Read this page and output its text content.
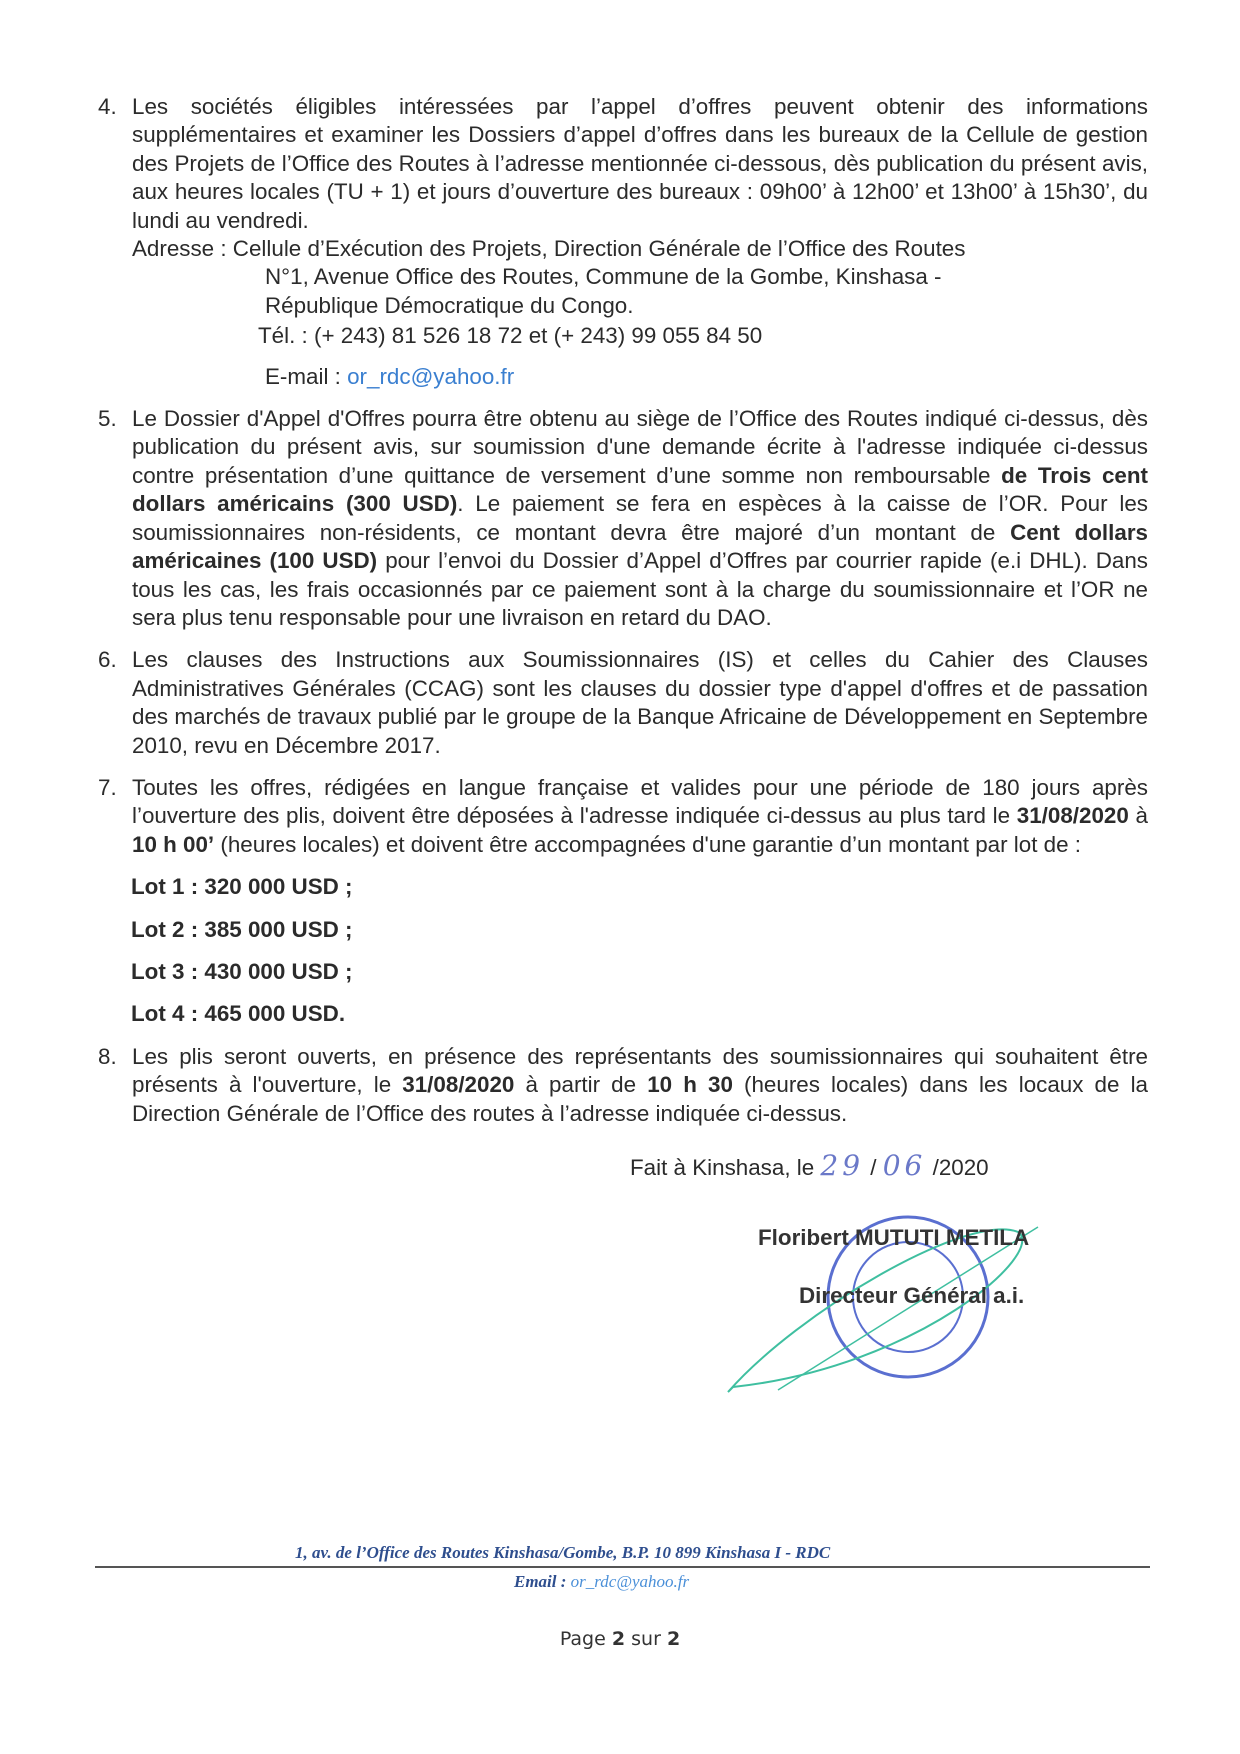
4. Les sociétés éligibles intéressées par l’appel d’offres peuvent obtenir des informations supplémentaires et examiner les Dossiers d’appel d’offres dans les bureaux de la Cellule de gestion des Projets de l’Office des Routes à l’adresse mentionnée ci-dessous, dès publication du présent avis, aux heures locales (TU + 1) et jours d’ouverture des bureaux : 09h00’ à 12h00’ et 13h00’ à 15h30’, du lundi au vendredi.
Adresse : Cellule d’Exécution des Projets, Direction Générale de l’Office des Routes
N°1, Avenue Office des Routes, Commune de la Gombe, Kinshasa -
République Démocratique du Congo.
Tél. : (+ 243) 81 526 18 72 et (+ 243) 99 055 84 50
E-mail : or_rdc@yahoo.fr
5. Le Dossier d'Appel d'Offres pourra être obtenu au siège de l’Office des Routes indiqué ci-dessus, dès publication du présent avis, sur soumission d'une demande écrite à l'adresse indiquée ci-dessus contre présentation d’une quittance de versement d’une somme non remboursable de Trois cent dollars américains (300 USD). Le paiement se fera en espèces à la caisse de l’OR. Pour les soumissionnaires non-résidents, ce montant devra être majoré d’un montant de Cent dollars américaines (100 USD) pour l’envoi du Dossier d’Appel d’Offres par courrier rapide (e.i DHL). Dans tous les cas, les frais occasionnés par ce paiement sont à la charge du soumissionnaire et l’OR ne sera plus tenu responsable pour une livraison en retard du DAO.
6. Les clauses des Instructions aux Soumissionnaires (IS) et celles du Cahier des Clauses Administratives Générales (CCAG) sont les clauses du dossier type d'appel d'offres et de passation des marchés de travaux publié par le groupe de la Banque Africaine de Développement en Septembre 2010, revu en Décembre 2017.
7. Toutes les offres, rédigées en langue française et valides pour une période de 180 jours après l’ouverture des plis, doivent être déposées à l'adresse indiquée ci-dessus au plus tard le 31/08/2020 à 10 h 00’ (heures locales) et doivent être accompagnées d'une garantie d’un montant par lot de :
Lot 1 : 320 000 USD ;
Lot 2 : 385 000 USD ;
Lot 3 : 430 000 USD ;
Lot 4 : 465 000 USD.
8. Les plis seront ouverts, en présence des représentants des soumissionnaires qui souhaitent être présents à l'ouverture, le 31/08/2020 à partir de 10 h 30 (heures locales) dans les locaux de la Direction Générale de l’Office des routes à l’adresse indiquée ci-dessus.
Fait à Kinshasa, le 29 / 06 /2020
Floribert MUTUTI METILA
Directeur Général a.i.
1, av. de l’Office des Routes Kinshasa/Gombe, B.P. 10 899 Kinshasa I - RDC
Email : or_rdc@yahoo.fr
Page 2 sur 2
